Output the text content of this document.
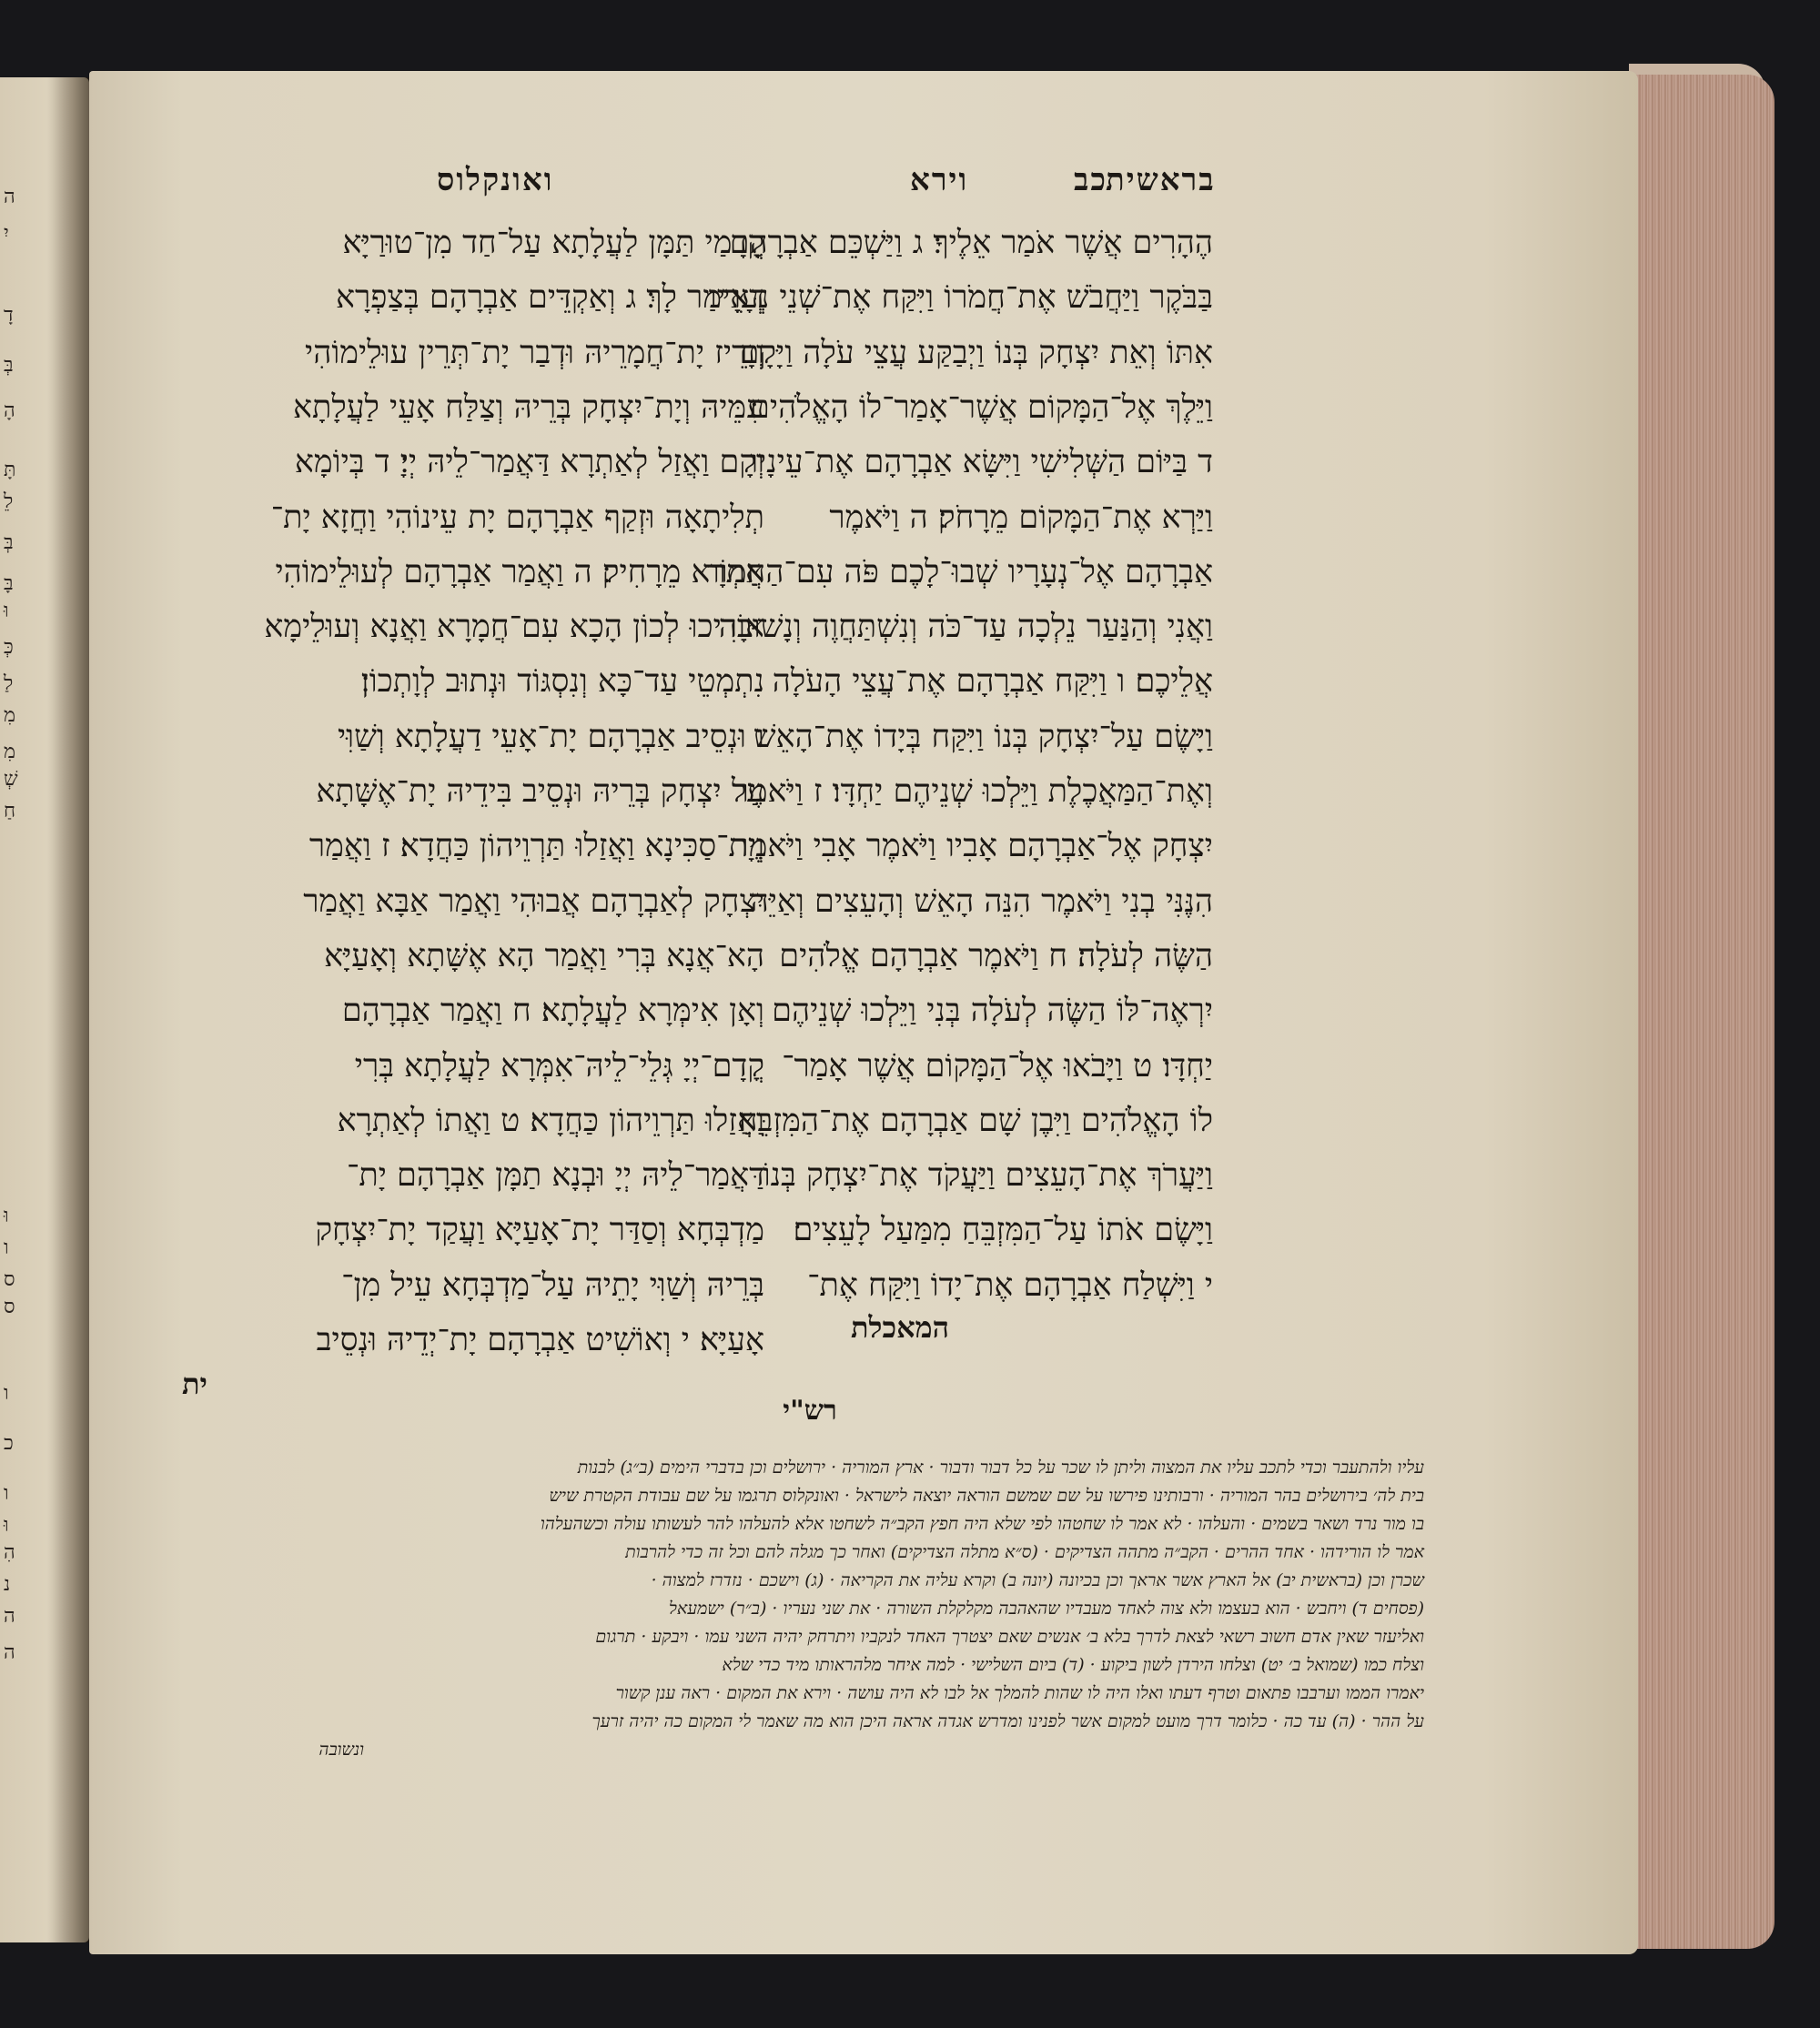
ה
יִ
דָ
בְּ
הָ
תָּ
לֵ
בְּ
בָּ
וּ
כְּ
לַ
מִ
מִ
שְׁ
חַ
וּ
ו
ס
ס
ו
כ
ו
וּ
הִ
נ
ה
ה
וירא	כב
בראשית
ואונקלוס
הֶהָרִים אֲשֶׁר אֹמַר אֵלֶיךָ׃ ג וַיַּשְׁכֵּם אַבְרָהָם
בַּבֹּקֶר וַיַּחֲבֹשׁ אֶת־חֲמֹרוֹ וַיִּקַּח אֶת־שְׁנֵי נְעָרָיו
אִתּוֹ וְאֵת יִצְחָק בְּנוֹ וַיְבַקַּע עֲצֵי עֹלָה וַיָּקָם
וַיֵּלֶךְ אֶל־הַמָּקוֹם אֲשֶׁר־אָמַר־לוֹ הָאֱלֹהִים׃
ד בַּיּוֹם הַשְּׁלִישִׁי וַיִּשָּׂא אַבְרָהָם אֶת־עֵינָיו
וַיַּרְא אֶת־הַמָּקוֹם מֵרָחֹק׃ ה וַיֹּאמֶר
אַבְרָהָם אֶל־נְעָרָיו שְׁבוּ־לָכֶם פֹּה עִם־הַחֲמוֹר
וַאֲנִי וְהַנַּעַר נֵלְכָה עַד־כֹּה וְנִשְׁתַּחֲוֶה וְנָשׁוּבָה
אֲלֵיכֶם׃ ו וַיִּקַּח אַבְרָהָם אֶת־עֲצֵי הָעֹלָה
וַיָּשֶׂם עַל־יִצְחָק בְּנוֹ וַיִּקַּח בְּיָדוֹ אֶת־הָאֵשׁ
וְאֶת־הַמַּאֲכֶלֶת וַיֵּלְכוּ שְׁנֵיהֶם יַחְדָּו׃ ז וַיֹּאמֶר
יִצְחָק אֶל־אַבְרָהָם אָבִיו וַיֹּאמֶר אָבִי וַיֹּאמֶר
הִנֶּנִּי בְנִי וַיֹּאמֶר הִנֵּה הָאֵשׁ וְהָעֵצִים וְאַיֵּה
הַשֶּׂה לְעֹלָה׃ ח וַיֹּאמֶר אַבְרָהָם אֱלֹהִים
יִרְאֶה־לּוֹ הַשֶּׂה לְעֹלָה בְּנִי וַיֵּלְכוּ שְׁנֵיהֶם
יַחְדָּו׃ ט וַיָּבֹאוּ אֶל־הַמָּקוֹם אֲשֶׁר אָמַר־
לוֹ הָאֱלֹהִים וַיִּבֶן שָׁם אַבְרָהָם אֶת־הַמִּזְבֵּחַ
וַיַּעֲרֹךְ אֶת־הָעֵצִים וַיַּעֲקֹד אֶת־יִצְחָק בְּנוֹ
וַיָּשֶׂם אֹתוֹ עַל־הַמִּזְבֵּחַ מִמַּעַל לָעֵצִים׃
י וַיִּשְׁלַח אַבְרָהָם אֶת־יָדוֹ וַיִּקַּח אֶת־
המאכלת
קֳדָמַי תַּמָּן לַעֲלָתָא עַל־חַד מִן־טוּרַיָּא
דְּאֵימַר לָךְ׃ ג וְאַקְדֵּים אַבְרָהָם בְּצַפְרָא
וְזָרֵיז יָת־חֲמָרֵיהּ וּדְבַר יָת־תְּרֵין עוּלֵימוֹהִי
עִמֵּיהּ וְיָת־יִצְחָק בְּרֵיהּ וְצַלַּח אָעֵי לַעֲלָתָא
וְקָם וַאֲזַל לְאַתְרָא דַּאֲמַר־לֵיהּ יְיָ׃ ד בְּיוֹמָא
תְלִיתָאָה וּזְקַף אַבְרָהָם יָת עֵינוֹהִי וַחֲזָא יָת־
אַתְרָא מֵרָחִיק׃ ה וַאֲמַר אַבְרָהָם לְעוּלֵימוֹהִי
אוֹרִיכוּ לְכוֹן הָכָא עִם־חֲמָרָא וַאֲנָא וְעוּלֵימָא
נִתְמְטֵי עַד־כָּא וְנִסְגּוֹד וּנְתוּב לְוָתְכוֹן׃
ו וּנְסֵיב אַבְרָהָם יָת־אָעֵי דַעֲלָתָא וְשַׁוִּי
עַל יִצְחָק בְּרֵיהּ וּנְסֵיב בִּידֵיהּ יָת־אֶשָּׁתָא
וְיָת־סַכִּינָא וַאֲזַלוּ תַּרְוֵיהוֹן כַּחֲדָא׃ ז וַאֲמַר
יִצְחָק לְאַבְרָהָם אֲבוּהִי וַאֲמַר אַבָּא וַאֲמַר
הָא־אֲנָא בְּרִי וַאֲמַר הָא אֶשָּׁתָא וְאָעַיָּא
וְאָן אִימְּרָא לַעֲלָתָא׃ ח וַאֲמַר אַבְרָהָם
קֳדָם־יְיָ גְּלֵי־לֵיהּ־אִמְּרָא לַעֲלָתָא בְּרִי
וַאֲזַלוּ תַּרְוֵיהוֹן כַּחֲדָא׃ ט וַאֲתוֹ לְאַתְרָא
דַּאֲמַר־לֵיהּ יְיָ וּבְנָא תַמָּן אַבְרָהָם יָת־
מַדְבְּחָא וְסַדַּר יָת־אָעַיָּא וַעֲקַד יָת־יִצְחָק
בְּרֵיהּ וְשַׁוִּי יָתֵיהּ עַל־מַדְבְּחָא עֵיל מִן־
אָעַיָּא׃ י וְאוֹשִׁיט אַבְרָהָם יָת־יְדֵיהּ וּנְסֵיב
ית
רש"י
עליו ולהתעבר וכדי לתכב עליו את המצוה וליתן לו שכר על כל דבור ודבור · ארץ המוריה · ירושלים וכן בדברי הימים (ב״ג) לבנות
בית לה׳ בירושלים בהר המוריה · ורבותינו פירשו על שם שמשם הוראה יוצאה לישראל · ואונקלוס תרגמו על שם עבודת הקטרת שיש
בו מור נרד ושאר בשמים · והעלהו · לא אמר לו שחטהו לפי שלא היה חפץ הקב״ה לשחטו אלא להעלהו להר לעשותו עולה וכשהעלהו
אמר לו הורידהו · אחד ההרים · הקב״ה מתהה הצדיקים · (ס״א מתלה הצדיקים) ואחר כך מגלה להם וכל זה כדי להרבות
שכרן וכן (בראשית יב) אל הארץ אשר אראך וכן בכיונה (יונה ב) וקרא עליה את הקריאה · (ג) וישכם · נזדרז למצוה ·
(פסחים ד) ויחבש · הוא בעצמו ולא צוה לאחד מעבדיו שהאהבה מקלקלת השורה · את שני נעריו · (ב״ר) ישמעאל
ואליעזר שאין אדם חשוב רשאי לצאת לדרך בלא ב׳ אנשים שאם יצטרך האחד לנקביו ויתרחק יהיה השני עמו · ויבקע · תרגום
וצלח כמו (שמואל ב׳ יט) וצלחו הירדן לשון ביקוע · (ד) ביום השלישי · למה איחר מלהראותו מיד כדי שלא
יאמרו הממו וערבבו פתאום וטרף דעתו ואלו היה לו שהות להמלך אל לבו לא היה עושה · וירא את המקום · ראה ענן קשור
על ההר · (ה) עד כה · כלומר דרך מועט למקום אשר לפנינו ומדרש אגדה אראה היכן הוא מה שאמר לי המקום כה יהיה זרעך
ונשובה
